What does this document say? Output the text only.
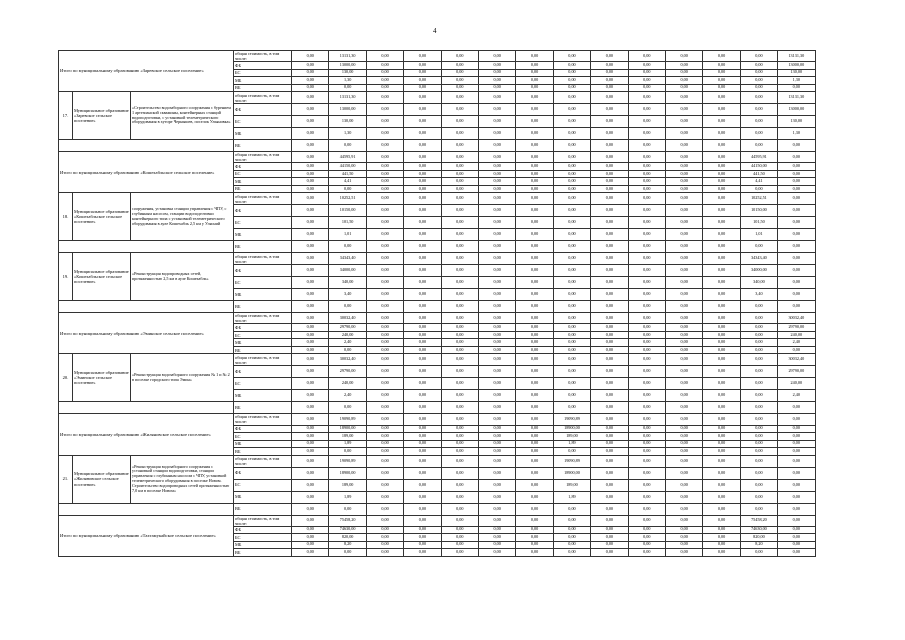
4
Итого по муниципальному образованию «Заревское сельское поселение»			общая стоимость, в том числе:	0,00	13131,30	0,00	0,00	0,00	0,00	0,00	0,00	0,00	0,00	0,00	0,00	0,00	13131,30
			ФБ	0,00	13000,00	0,00	0,00	0,00	0,00	0,00	0,00	0,00	0,00	0,00	0,00	0,00	13000,00
			БС	0,00	130,00	0,00	0,00	0,00	0,00	0,00	0,00	0,00	0,00	0,00	0,00	0,00	130,00
			МБ	0,00	1,30	0,00	0,00	0,00	0,00	0,00	0,00	0,00	0,00	0,00	0,00	0,00	1,30
			ВБ	0,00	0,00	0,00	0,00	0,00	0,00	0,00	0,00	0,00	0,00	0,00	0,00	0,00	0,00
17.	Муниципальное образование «Заревское сельское поселение»	«Строительство водозаборного сооружения с бурением 1 артезианской скважины, контейнерных станций водоподготовки, с установкой телеметрического оборудования в хуторе Чернышев, поселок Ульяновка»	общая стоимость, в том числе:	0,00	13131,30	0,00	0,00	0,00	0,00	0,00	0,00	0,00	0,00	0,00	0,00	0,00	13131,30
			ФБ	0,00	13000,00	0,00	0,00	0,00	0,00	0,00	0,00	0,00	0,00	0,00	0,00	0,00	13000,00
			БС	0,00	130,00	0,00	0,00	0,00	0,00	0,00	0,00	0,00	0,00	0,00	0,00	0,00	130,00
			МБ	0,00	1,30	0,00	0,00	0,00	0,00	0,00	0,00	0,00	0,00	0,00	0,00	0,00	1,30
			ВБ	0,00	0,00	0,00	0,00	0,00	0,00	0,00	0,00	0,00	0,00	0,00	0,00	0,00	0,00
Итого по муниципальному образованию «Кошехабльское сельское поселение»			общая стоимость, в том числе:	0,00	44595,91	0,00	0,00	0,00	0,00	0,00	0,00	0,00	0,00	0,00	0,00	44595,91	0,00
			ФБ	0,00	44150,00	0,00	0,00	0,00	0,00	0,00	0,00	0,00	0,00	0,00	0,00	44150,00	0,00
			БС	0,00	441,50	0,00	0,00	0,00	0,00	0,00	0,00	0,00	0,00	0,00	0,00	441,50	0,00
			МБ	0,00	4,41	0,00	0,00	0,00	0,00	0,00	0,00	0,00	0,00	0,00	0,00	4,41	0,00
			ВБ	0,00	0,00	0,00	0,00	0,00	0,00	0,00	0,00	0,00	0,00	0,00	0,00	0,00	0,00
18.	Муниципальное образование «Кошехабльское сельское поселение»	сооружения, установка станции управления с ЧПУ, с глубинным насосом, станции водоподготовки контейнерного типа с установкой телеметрического оборудования в ауле Кошехабль 2,5 км у Улясний	общая стоимость, в том числе:	0,00	10252,51	0,00	0,00	0,00	0,00	0,00	0,00	0,00	0,00	0,00	0,00	10252,51	0,00
			ФБ	0,00	10150,00	0,00	0,00	0,00	0,00	0,00	0,00	0,00	0,00	0,00	0,00	10150,00	0,00
			БС	0,00	101,50	0,00	0,00	0,00	0,00	0,00	0,00	0,00	0,00	0,00	0,00	101,50	0,00
			МБ	0,00	1,01	0,00	0,00	0,00	0,00	0,00	0,00	0,00	0,00	0,00	0,00	1,01	0,00
			ВБ	0,00	0,00	0,00	0,00	0,00	0,00	0,00	0,00	0,00	0,00	0,00	0,00	0,00	0,00
19.	Муниципальное образование «Кошехабльское сельское поселение»	«Реконструкция водопроводных сетей, протяженностью 2,5 км в ауле Кошехабль»	общая стоимость, в том числе:	0,00	34343,40	0,00	0,00	0,00	0,00	0,00	0,00	0,00	0,00	0,00	0,00	34343,40	0,00
			ФБ	0,00	34000,00	0,00	0,00	0,00	0,00	0,00	0,00	0,00	0,00	0,00	0,00	34000,00	0,00
			БС	0,00	340,00	0,00	0,00	0,00	0,00	0,00	0,00	0,00	0,00	0,00	0,00	340,00	0,00
			МБ	0,00	3,40	0,00	0,00	0,00	0,00	0,00	0,00	0,00	0,00	0,00	0,00	3,40	0,00
			ВБ	0,00	0,00	0,00	0,00	0,00	0,00	0,00	0,00	0,00	0,00	0,00	0,00	0,00	0,00
Итого по муниципальному образованию «Эминское сельское поселение»			общая стоимость, в том числе:	0,00	30032,40	0,00	0,00	0,00	0,00	0,00	0,00	0,00	0,00	0,00	0,00	0,00	30032,40
			ФБ	0,00	29790,00	0,00	0,00	0,00	0,00	0,00	0,00	0,00	0,00	0,00	0,00	0,00	29790,00
			БС	0,00	240,00	0,00	0,00	0,00	0,00	0,00	0,00	0,00	0,00	0,00	0,00	0,00	240,00
			МБ	0,00	2,40	0,00	0,00	0,00	0,00	0,00	0,00	0,00	0,00	0,00	0,00	0,00	2,40
			ВБ	0,00	0,00	0,00	0,00	0,00	0,00	0,00	0,00	0,00	0,00	0,00	0,00	0,00	0,00
20.	Муниципальное образование «Эминское сельское поселение»	«Реконструкция водозаборного сооружения № 1 и № 2 в поселке городского типа Эмин»	общая стоимость, в том числе:	0,00	30032,40	0,00	0,00	0,00	0,00	0,00	0,00	0,00	0,00	0,00	0,00	0,00	30032,40
			ФБ	0,00	29790,00	0,00	0,00	0,00	0,00	0,00	0,00	0,00	0,00	0,00	0,00	0,00	29790,00
			БС	0,00	240,00	0,00	0,00	0,00	0,00	0,00	0,00	0,00	0,00	0,00	0,00	0,00	240,00
			МБ	0,00	2,40	0,00	0,00	0,00	0,00	0,00	0,00	0,00	0,00	0,00	0,00	0,00	2,40
			ВБ	0,00	0,00	0,00	0,00	0,00	0,00	0,00	0,00	0,00	0,00	0,00	0,00	0,00	0,00
Итого по муниципальному образованию «Жиляновское сельское поселение»			общая стоимость, в том числе:	0,00	19090,89	0,00	0,00	0,00	0,00	0,00	19090,89	0,00	0,00	0,00	0,00	0,00	0,00
			ФБ	0,00	18900,00	0,00	0,00	0,00	0,00	0,00	18900,00	0,00	0,00	0,00	0,00	0,00	0,00
			БС	0,00	189,00	0,00	0,00	0,00	0,00	0,00	189,00	0,00	0,00	0,00	0,00	0,00	0,00
			МБ	0,00	1,89	0,00	0,00	0,00	0,00	0,00	1,89	0,00	0,00	0,00	0,00	0,00	0,00
			ВБ	0,00	0,00	0,00	0,00	0,00	0,00	0,00	0,00	0,00	0,00	0,00	0,00	0,00	0,00
21.	Муниципальное образование «Жиляновское сельское поселение»	«Реконструкция водозаборного сооружения с установкой станции водоподготовки, станции управления с глубинным насосом с ЧПУ, установкой телеметрического оборудования в поселке Новом. Строительство водопроводных сетей протяженностью 7,0 км в поселке Новом»	общая стоимость, в том числе:	0,00	19090,89	0,00	0,00	0,00	0,00	0,00	19090,89	0,00	0,00	0,00	0,00	0,00	0,00
			ФБ	0,00	18900,00	0,00	0,00	0,00	0,00	0,00	18900,00	0,00	0,00	0,00	0,00	0,00	0,00
			БС	0,00	189,00	0,00	0,00	0,00	0,00	0,00	189,00	0,00	0,00	0,00	0,00	0,00	0,00
			МБ	0,00	1,89	0,00	0,00	0,00	0,00	0,00	1,89	0,00	0,00	0,00	0,00	0,00	0,00
			ВБ	0,00	0,00	0,00	0,00	0,00	0,00	0,00	0,00	0,00	0,00	0,00	0,00	0,00	0,00
Итого по муниципальному образованию «Тахтамукайское сельское поселение»			общая стоимость, в том числе:	0,00	75458,20	0,00	0,00	0,00	0,00	0,00	0,00	0,00	0,00	0,00	0,00	75458,20	0,00
			ФБ	0,00	74630,00	0,00	0,00	0,00	0,00	0,00	0,00	0,00	0,00	0,00	0,00	74630,00	0,00
			БС	0,00	820,00	0,00	0,00	0,00	0,00	0,00	0,00	0,00	0,00	0,00	0,00	820,00	0,00
			МБ	0,00	8,20	0,00	0,00	0,00	0,00	0,00	0,00	0,00	0,00	0,00	0,00	8,20	0,00
			ВБ	0,00	0,00	0,00	0,00	0,00	0,00	0,00	0,00	0,00	0,00	0,00	0,00	0,00	0,00
